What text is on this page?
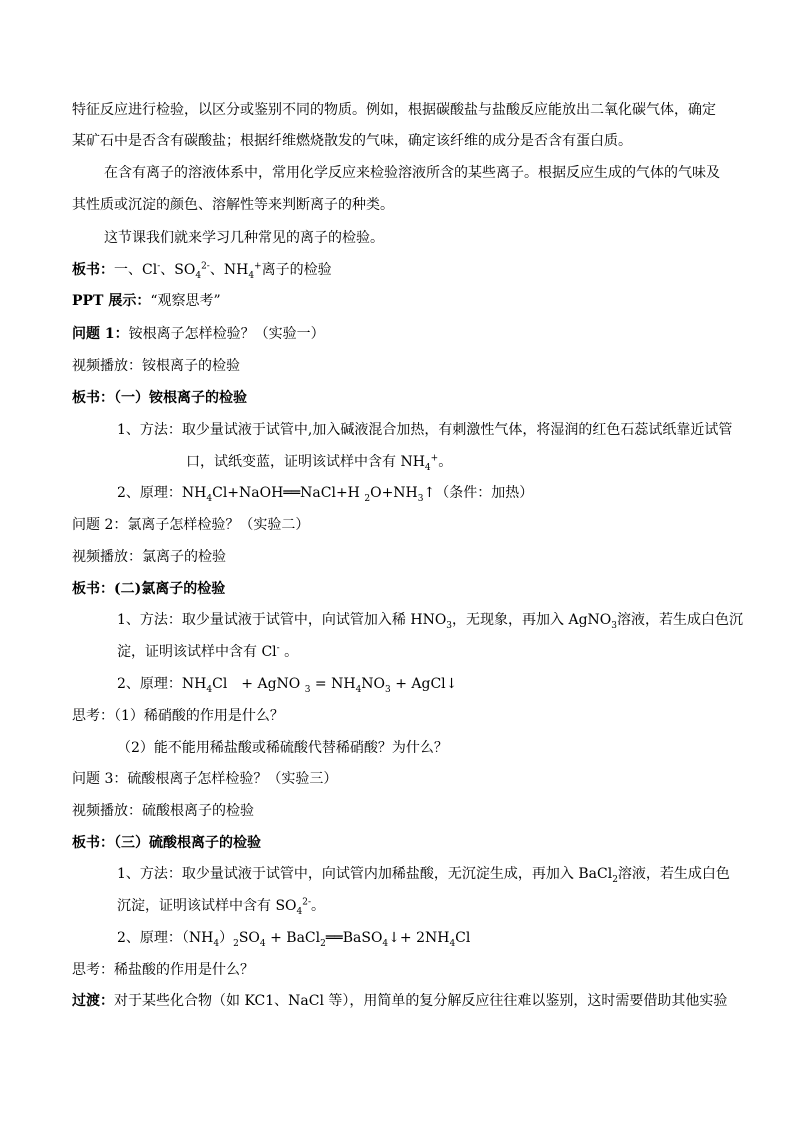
特征反应进行检验，以区分或鉴别不同的物质。例如，根据碳酸盐与盐酸反应能放出二氧化碳气体，确定
某矿石中是否含有碳酸盐；根据纤维燃烧散发的气味，确定该纤维的成分是否含有蛋白质。
在含有离子的溶液体系中，常用化学反应来检验溶液所含的某些离子。根据反应生成的气体的气味及
其性质或沉淀的颜色、溶解性等来判断离子的种类。
这节课我们就来学习几种常见的离子的检验。
板书：一、Cl-、$SO_4^{2-}$、$NH_4^+$离子的检验
PPT 展示：“观察思考”
问题 1：铵根离子怎样检验？（实验一）
视频播放：铵根离子的检验
板书：（一）铵根离子的检验
1、方法：取少量试液于试管中,加入碱液混合加热，有刺激性气体，将湿润的红色石蕊试纸靠近试管
口，试纸变蓝，证明该试样中含有 $NH_4^+$。
2、原理：$NH_4Cl+NaOH══NaCl+H$ $_2O+NH_3↑$（条件：加热）
问题 2：氯离子怎样检验？（实验二）
视频播放：氯离子的检验
板书：(二)氯离子的检验
1、方法：取少量试液于试管中，向试管加入稀 $HNO_3$，无现象，再加入 AgNO$_3$溶液，若生成白色沉
淀，证明该试样中含有 Cl- 。
2、原理：$NH_4Cl$　+ AgNO $_3 = NH_4NO_3$ + AgCl↓
思考：（1）稀硝酸的作用是什么？
（2）能不能用稀盐酸或稀硫酸代替稀硝酸？为什么？
问题 3：硫酸根离子怎样检验？（实验三）
视频播放：硫酸根离子的检验
板书：（三）硫酸根离子的检验
1、方法：取少量试液于试管中，向试管内加稀盐酸，无沉淀生成，再加入 BaCl$_2$溶液，若生成白色
沉淀，证明该试样中含有 $SO_4^{2-}$。
2、原理：$(NH_4)_2SO_4$ + BaCl$_2$══BaSO$_4$↓+ $2NH_4Cl$
思考：稀盐酸的作用是什么？
过渡：对于某些化合物（如 KC1、NaCl 等），用简单的复分解反应往往难以鉴别，这时需要借助其他实验
